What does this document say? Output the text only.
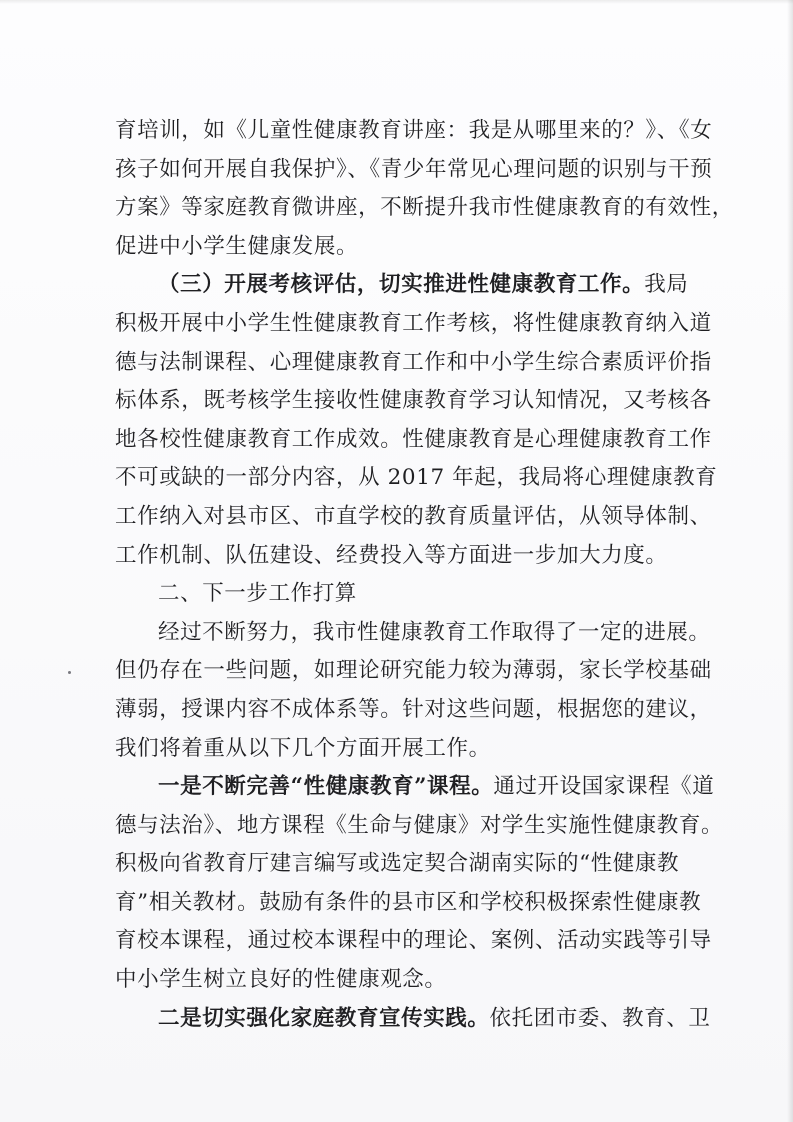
育培训，如《儿童性健康教育讲座：我是从哪里来的？》、《女
孩子如何开展自我保护》、《青少年常见心理问题的识别与干预
方案》等家庭教育微讲座，不断提升我市性健康教育的有效性，
促进中小学生健康发展。
（三）开展考核评估，切实推进性健康教育工作。我局
积极开展中小学生性健康教育工作考核，将性健康教育纳入道
德与法制课程、心理健康教育工作和中小学生综合素质评价指
标体系，既考核学生接收性健康教育学习认知情况，又考核各
地各校性健康教育工作成效。性健康教育是心理健康教育工作
不可或缺的一部分内容，从 2017 年起，我局将心理健康教育
工作纳入对县市区、市直学校的教育质量评估，从领导体制、
工作机制、队伍建设、经费投入等方面进一步加大力度。
二、下一步工作打算
经过不断努力，我市性健康教育工作取得了一定的进展。
但仍存在一些问题，如理论研究能力较为薄弱，家长学校基础
薄弱，授课内容不成体系等。针对这些问题，根据您的建议，
我们将着重从以下几个方面开展工作。
一是不断完善“性健康教育”课程。通过开设国家课程《道
德与法治》、地方课程《生命与健康》对学生实施性健康教育。
积极向省教育厅建言编写或选定契合湖南实际的“性健康教
育”相关教材。鼓励有条件的县市区和学校积极探索性健康教
育校本课程，通过校本课程中的理论、案例、活动实践等引导
中小学生树立良好的性健康观念。
二是切实强化家庭教育宣传实践。依托团市委、教育、卫
